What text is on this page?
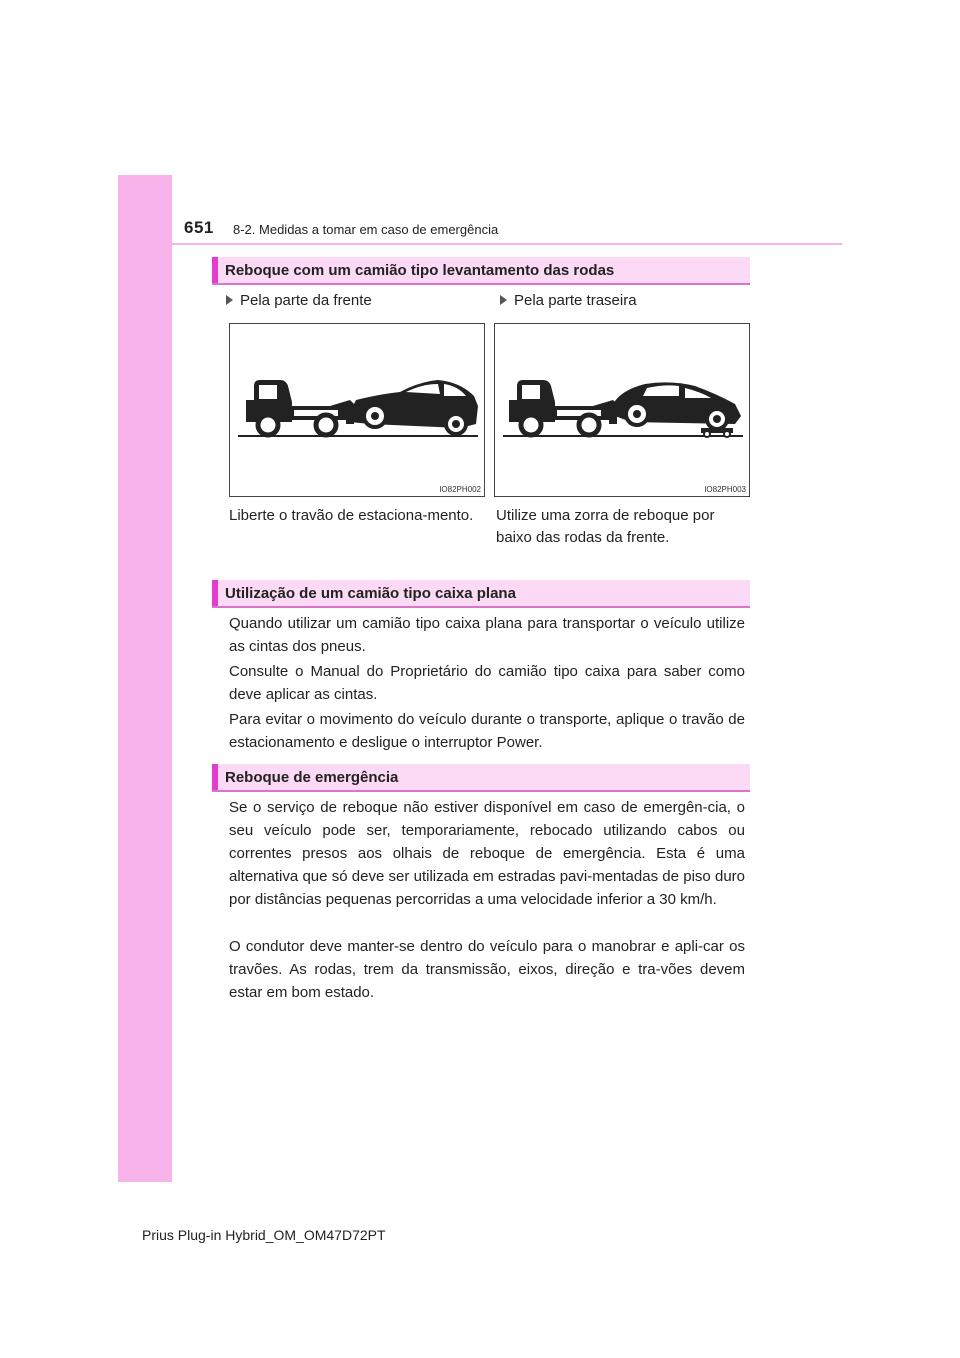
651 8-2. Medidas a tomar em caso de emergência
Reboque com um camião tipo levantamento das rodas
Pela parte da frente	Pela parte traseira
IO82PH002	IO82PH003
Liberte o travão de estaciona-mento.	Utilize uma zorra de reboque por baixo das rodas da frente.
Utilização de um camião tipo caixa plana

Quando utilizar um camião tipo caixa plana para transportar o veículo utilize as cintas dos pneus.

Consulte o Manual do Proprietário do camião tipo caixa para saber como deve aplicar as cintas.

Para evitar o movimento do veículo durante o transporte, aplique o travão de estacionamento e desligue o interruptor Power.

Reboque de emergência

Se o serviço de reboque não estiver disponível em caso de emergên-cia, o seu veículo pode ser, temporariamente, rebocado utilizando cabos ou correntes presos aos olhais de reboque de emergência. Esta é uma alternativa que só deve ser utilizada em estradas pavi-mentadas de piso duro por distâncias pequenas percorridas a uma velocidade inferior a 30 km/h.

O condutor deve manter-se dentro do veículo para o manobrar e apli-car os travões. As rodas, trem da transmissão, eixos, direção e tra-vões devem estar em bom estado.

Prius Plug-in Hybrid_OM_OM47D72PT
